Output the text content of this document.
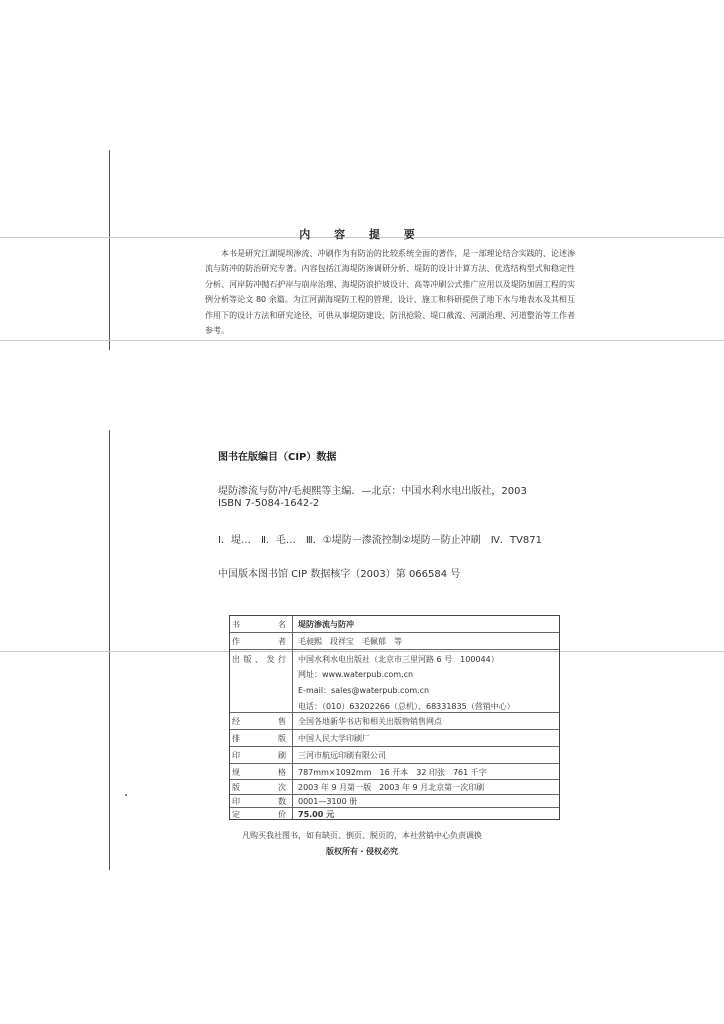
内 容 提 要

本书是研究江湖堤坝渗流、冲刷作为有防治的比较系统全面的著作，是一部理论结合实践的、论述渗流与防冲的防治研究专著。内容包括江海堤防渗调研分析、堤防的设计计算方法、优选结构型式和稳定性分析、河岸防冲抛石护岸与崩岸治理、海堤防浪护坡设计、高等冲刷公式推广应用以及堤防加固工程的实例分析等论文 80 余篇。为江河湖海堤防工程的管理、设计、施工和科研提供了地下水与地表水及其相互作用下的设计方法和研究途径，可供从事堤防建设、防汛抢险、堤口截流、河湖治理、河道整治等工作者参考。

图书在版编目（CIP）数据
堤防渗流与防冲/毛昶熙等主编．—北京：中国水利水电出版社，2003
ISBN 7-5084-1642-2
Ⅰ．堤…　Ⅱ．毛…　Ⅲ．①堤防－渗流控制②堤防－防止冲刷　Ⅳ．TV871
中国版本图书馆 CIP 数据核字（2003）第 066584 号
书　　名 堤防渗流与防冲
作　　者 毛昶熙　段祥宝　毛佩郁　等
出版、发行 中国水利水电出版社（北京市三里河路 6 号　100044）
网址：www.waterpub.com.cn
E-mail：sales@waterpub.com.cn
电话：（010）63202266（总机）、68331835（营销中心）
经　　售 全国各地新华书店和相关出版物销售网点
排　　版 中国人民大学印刷厂
印　　刷 三河市航远印刷有限公司
规　　格 787mm×1092mm　16 开本　32 印张　761 千字
版　　次 2003 年 9 月第一版　2003 年 9 月北京第一次印刷
印　　数 0001—3100 册
定　　价 75.00 元
凡购买我社图书，如有缺页、倒页、脱页的，本社营销中心负责调换
版权所有・侵权必究
